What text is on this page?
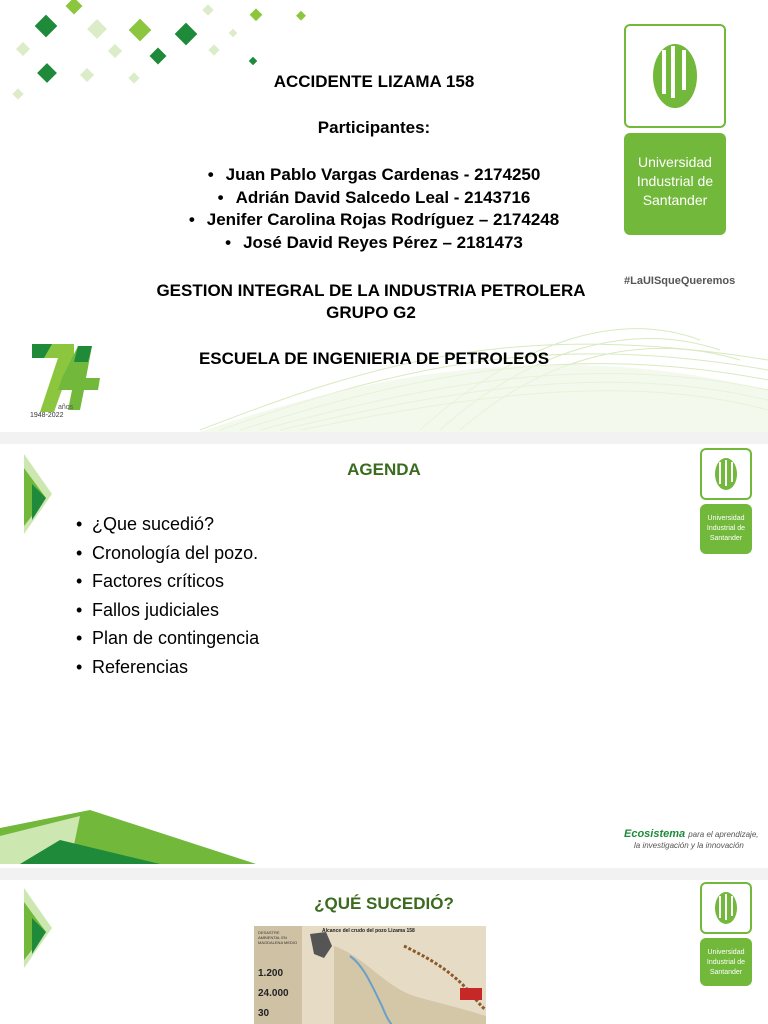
ACCIDENTE LIZAMA 158
Participantes:
• Juan Pablo Vargas Cardenas - 2174250
• Adrián David Salcedo Leal - 2143716
• Jenifer Carolina Rojas Rodríguez – 2174248
• José David Reyes Pérez – 2181473
GESTION INTEGRAL DE LA INDUSTRIA PETROLERA
GRUPO G2
ESCUELA DE INGENIERIA DE PETROLEOS
Universidad
Industrial de
Santander
#LaUISqueQueremos
años
1948-2022
AGENDA
• ¿Que sucedió?
• Cronología del pozo.
• Factores críticos
• Fallos judiciales
• Plan de contingencia
• Referencias
Universidad
Industrial de
Santander
Ecosistema para el aprendizaje,
la investigación y la innovación
¿QUÉ SUCEDIÓ?
Alcance del crudo del pozo Lizama 158
DESASTRE AMBIENTAL EN MAGDALENA MEDIO
1.200
24.000
30
Universidad
Industrial de
Santander
